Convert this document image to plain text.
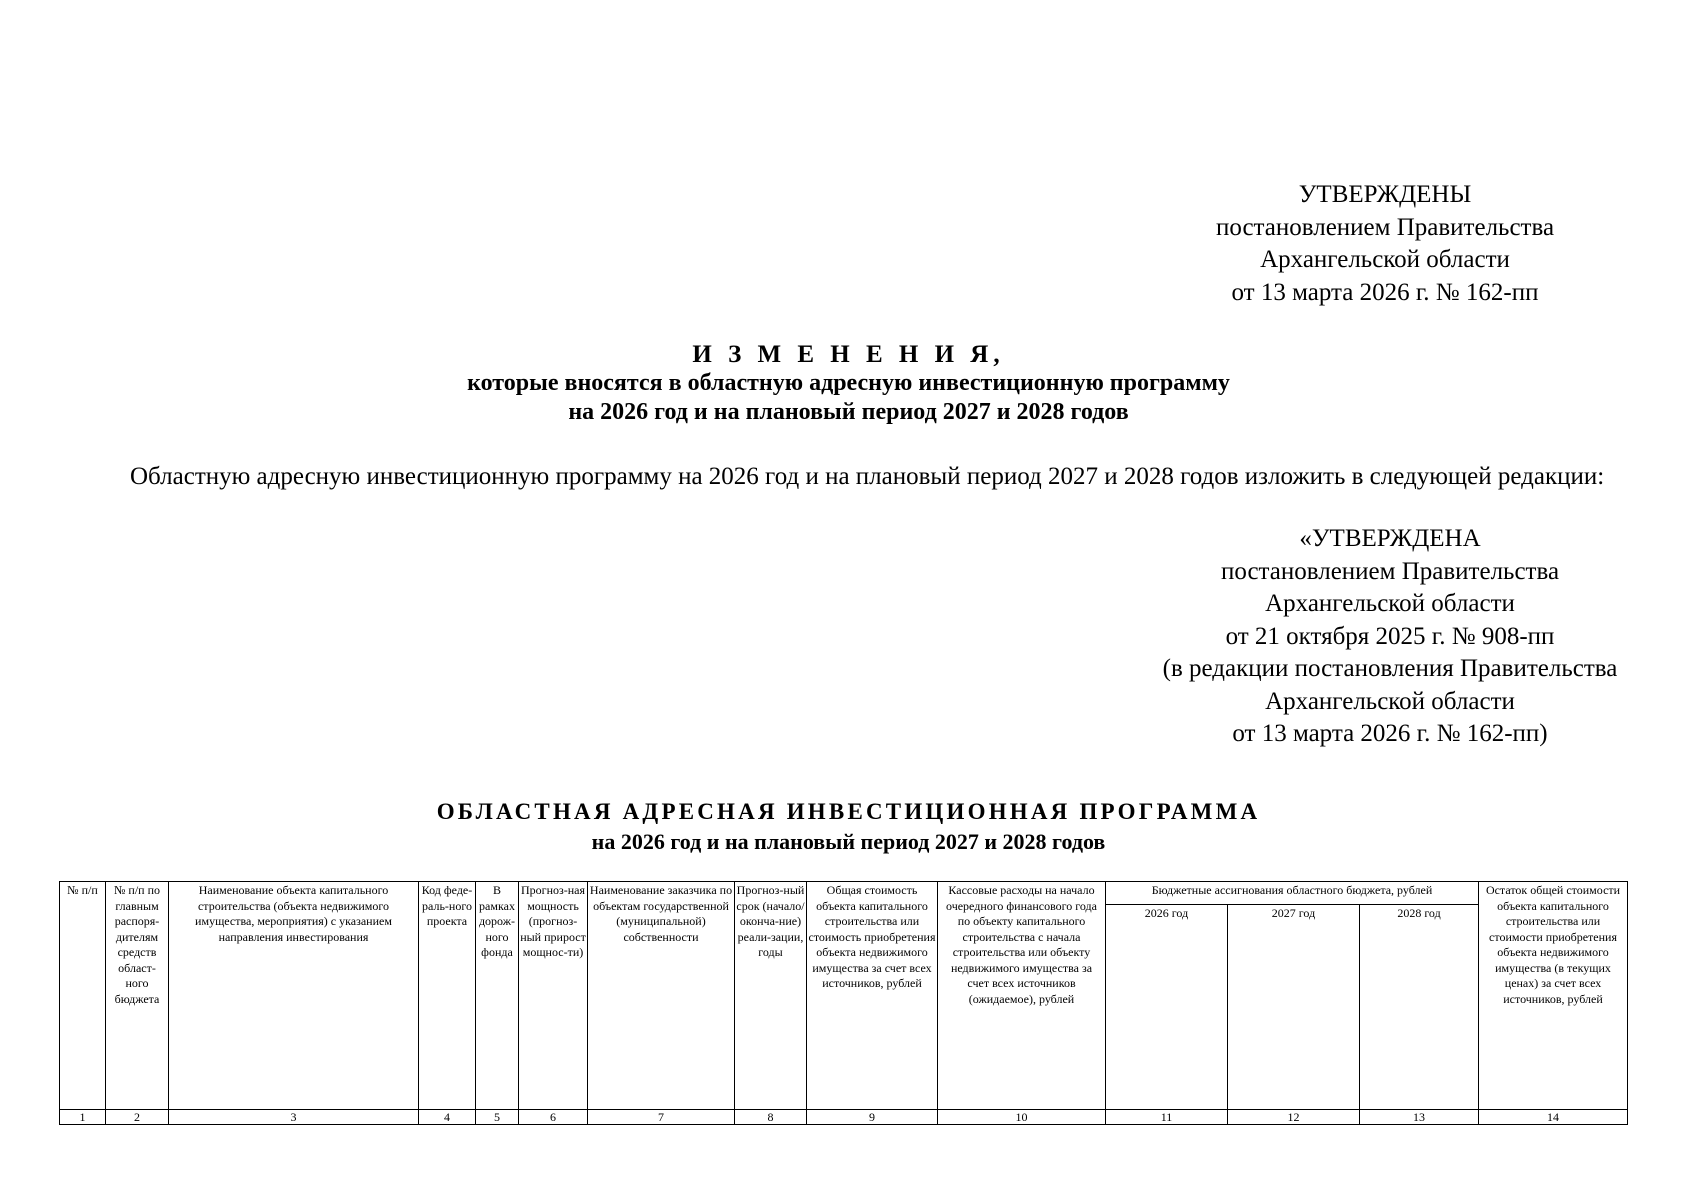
УТВЕРЖДЕНЫ
постановлением Правительства
Архангельской области
от 13 марта 2026 г. № 162-пп
И З М Е Н Е Н И Я,
которые вносятся в областную адресную инвестиционную программу
на 2026 год и на плановый период 2027 и 2028 годов
Областную адресную инвестиционную программу на 2026 год и на плановый период 2027 и 2028 годов изложить в следующей редакции:
«УТВЕРЖДЕНА
постановлением Правительства
Архангельской области
от 21 октября 2025 г. № 908-пп
(в редакции постановления Правительства
Архангельской области
от 13 марта 2026 г. № 162-пп)
ОБЛАСТНАЯ АДРЕСНАЯ ИНВЕСТИЦИОННАЯ ПРОГРАММА
на 2026 год и на плановый период 2027 и 2028 годов
№ п/п	№ п/п по главным распоря-дителям средств област-ного бюджета	Наименование объекта капитального строительства (объекта недвижимого имущества, мероприятия) с указанием направления инвестирования	Код феде-раль-ного проекта	В рамках дорож-ного фонда	Прогноз-ная мощность (прогноз-ный прирост мощнос-ти)	Наименование заказчика по объектам государственной (муниципальной) собственности	Прогноз-ный срок (начало/ оконча-ние) реали-зации, годы	Общая стоимость объекта капитального строительства или стоимость приобретения объекта недвижимого имущества за счет всех источников, рублей	Кассовые расходы на начало очередного финансового года по объекту капитального строительства с начала строительства или объекту недвижимого имущества за счет всех источников (ожидаемое), рублей	Бюджетные ассигнования областного бюджета, рублей			Остаток общей стоимости объекта капитального строительства или стоимости приобретения объекта недвижимого имущества (в текущих ценах) за счет всех источников, рублей
										2026 год	2027 год	2028 год	
1	2	3	4	5	6	7	8	9	10	11	12	13	14
